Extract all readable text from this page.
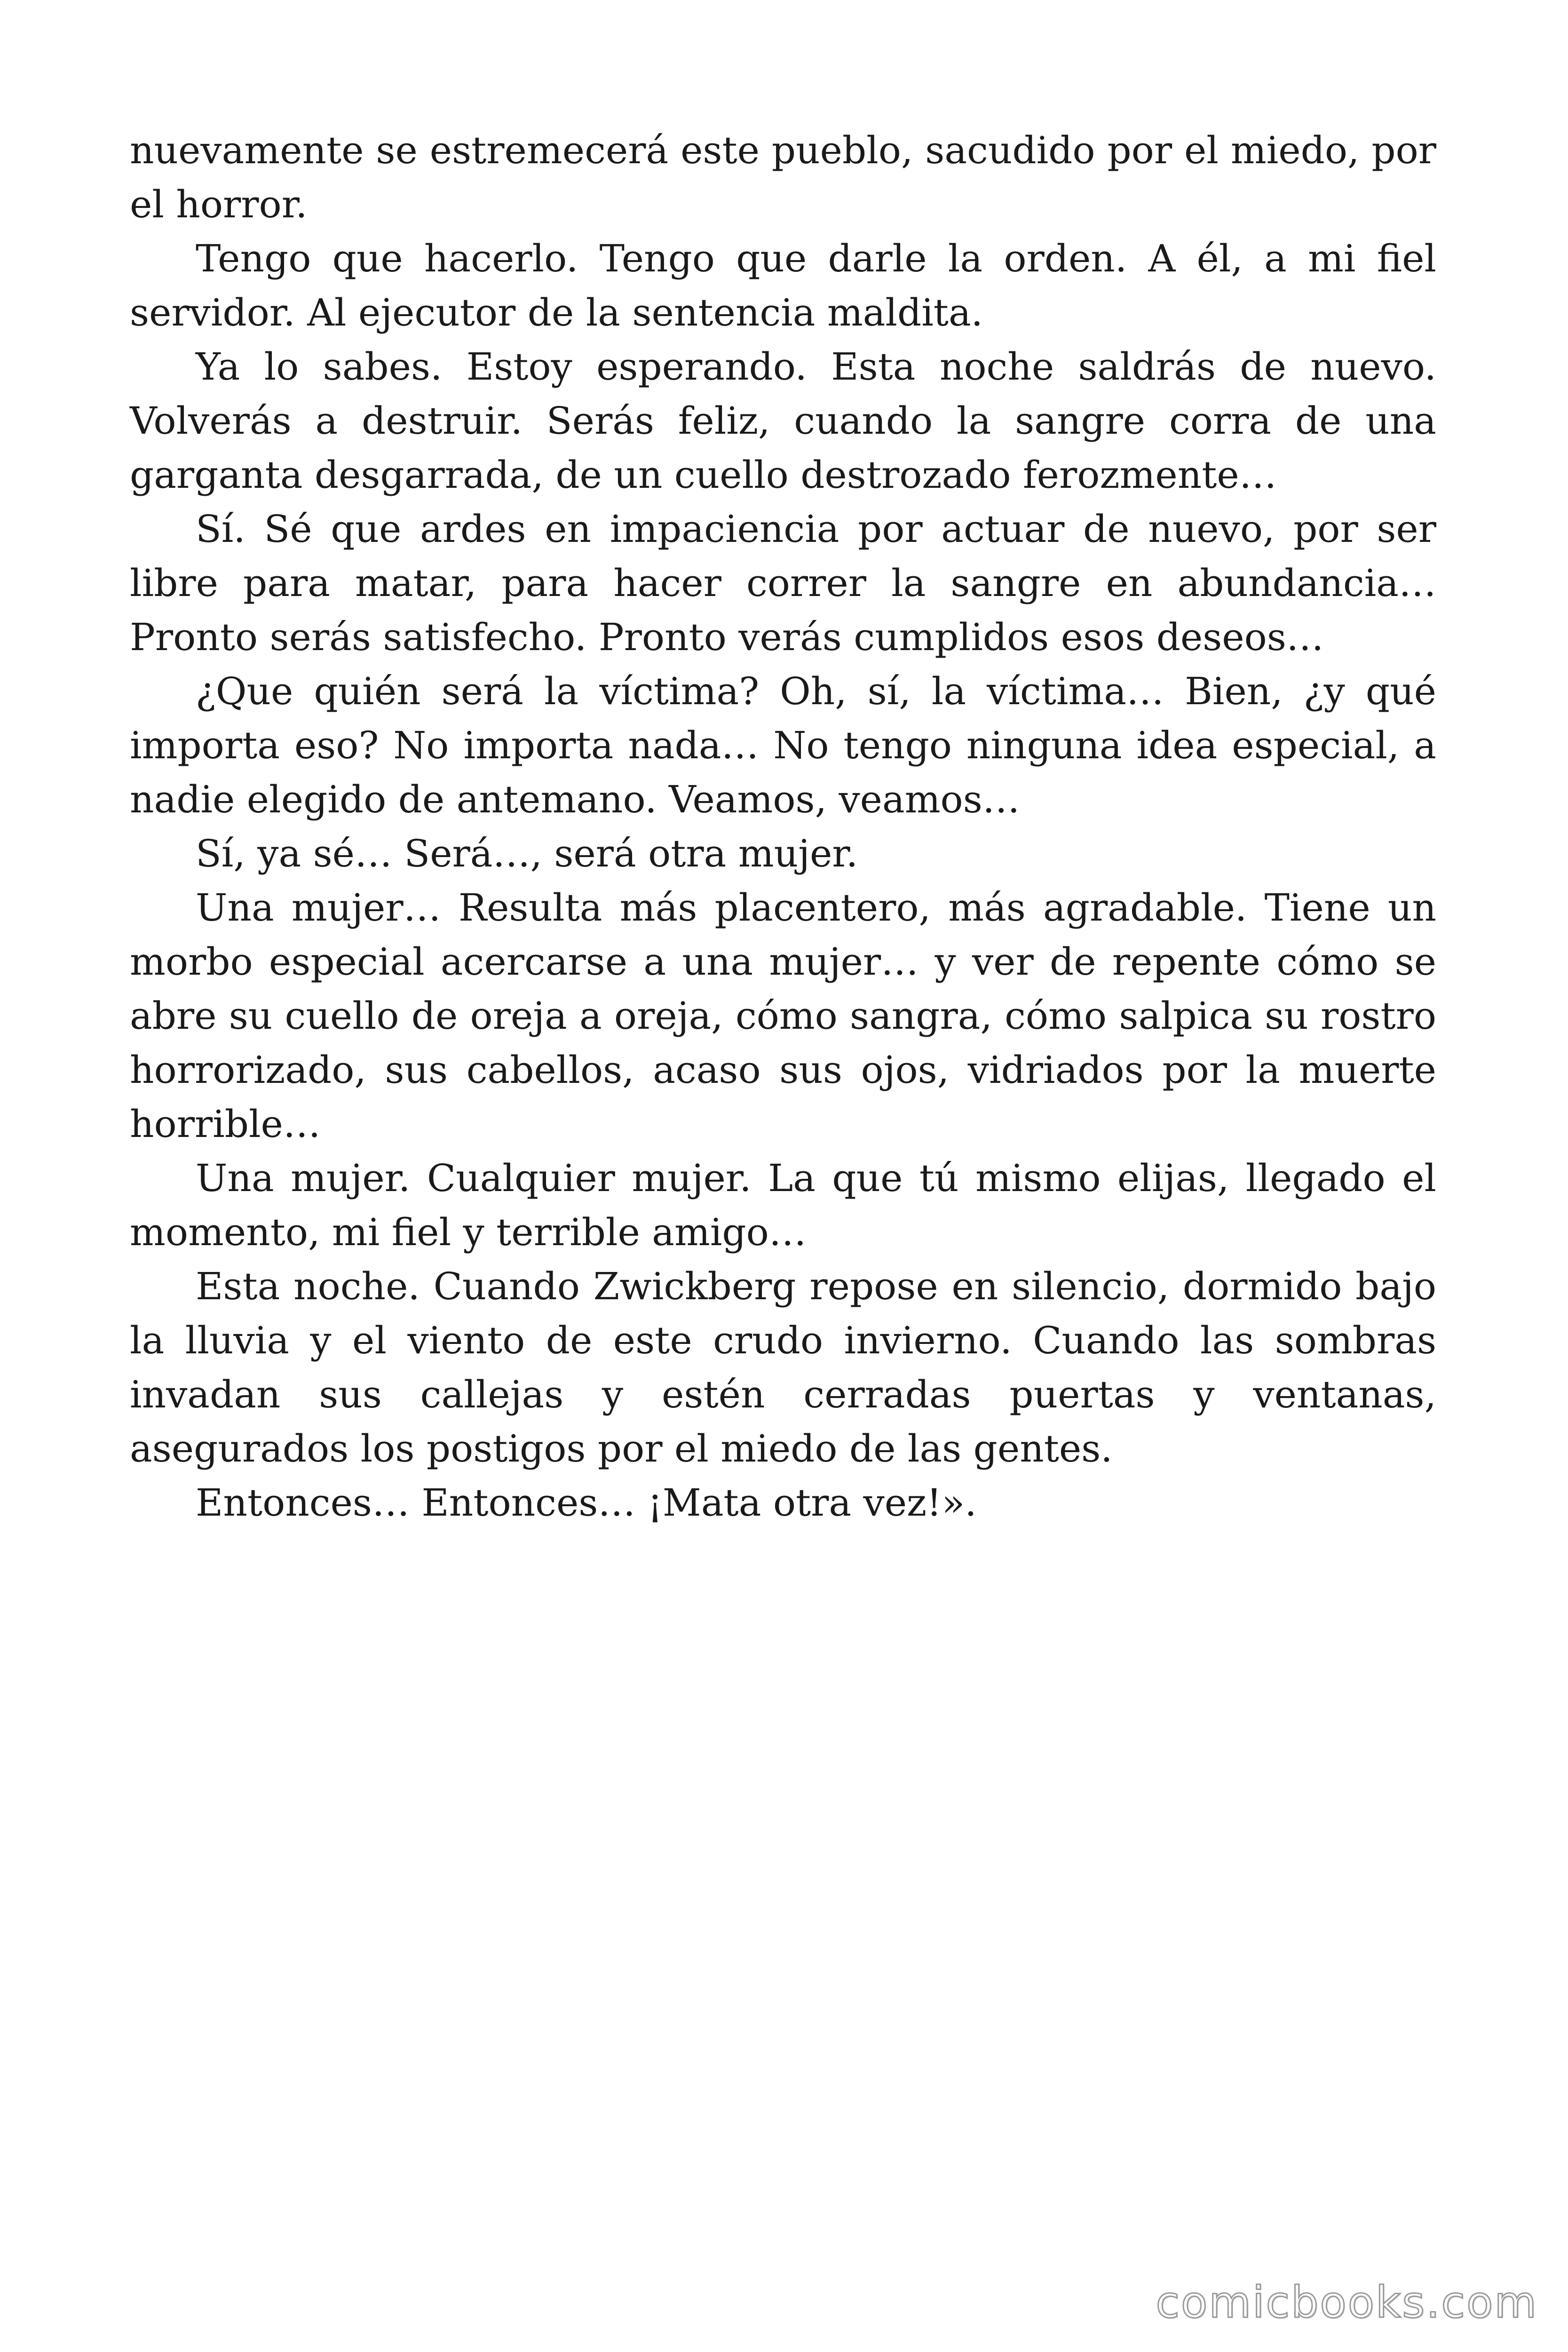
nuevamente se estremecerá este pueblo, sacudido por el miedo, por el horror.

Tengo que hacerlo. Tengo que darle la orden. A él, a mi fiel servidor. Al ejecutor de la sentencia maldita.

Ya lo sabes. Estoy esperando. Esta noche saldrás de nuevo. Volverás a destruir. Serás feliz, cuando la sangre corra de una garganta desgarrada, de un cuello destrozado ferozmente…

Sí. Sé que ardes en impaciencia por actuar de nuevo, por ser libre para matar, para hacer correr la sangre en abundancia… Pronto serás satisfecho. Pronto verás cumplidos esos deseos…

¿Que quién será la víctima? Oh, sí, la víctima… Bien, ¿y qué importa eso? No importa nada… No tengo ninguna idea especial, a nadie elegido de antemano. Veamos, veamos…

Sí, ya sé… Será…, será otra mujer.

Una mujer… Resulta más placentero, más agradable. Tiene un morbo especial acercarse a una mujer… y ver de repente cómo se abre su cuello de oreja a oreja, cómo sangra, cómo salpica su rostro horrorizado, sus cabellos, acaso sus ojos, vidriados por la muerte horrible…

Una mujer. Cualquier mujer. La que tú mismo elijas, llegado el momento, mi fiel y terrible amigo…

Esta noche. Cuando Zwickberg repose en silencio, dormido bajo la lluvia y el viento de este crudo invierno. Cuando las sombras invadan sus callejas y estén cerradas puertas y ventanas, asegurados los postigos por el miedo de las gentes.

Entonces… Entonces… ¡Mata otra vez!».

comicbooks.com
